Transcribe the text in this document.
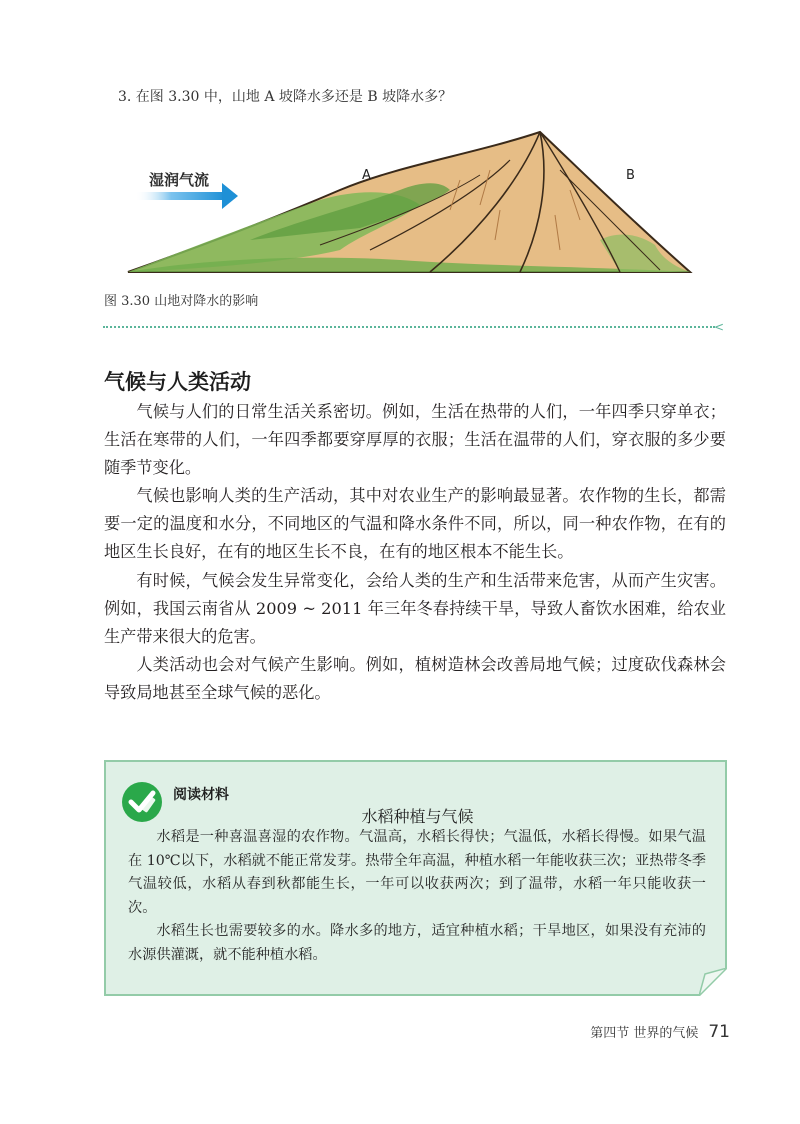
3. 在图 3.30 中，山地 A 坡降水多还是 B 坡降水多？
湿润气流	A	B
图 3.30 山地对降水的影响
<
气候与人类活动

气候与人们的日常生活关系密切。例如，生活在热带的人们，一年四季只穿单衣；生活在寒带的人们，一年四季都要穿厚厚的衣服；生活在温带的人们，穿衣服的多少要随季节变化。

气候也影响人类的生产活动，其中对农业生产的影响最显著。农作物的生长，都需要一定的温度和水分，不同地区的气温和降水条件不同，所以，同一种农作物，在有的地区生长良好，在有的地区生长不良，在有的地区根本不能生长。

有时候，气候会发生异常变化，会给人类的生产和生活带来危害，从而产生灾害。例如，我国云南省从 2009 ~ 2011 年三年冬春持续干旱，导致人畜饮水困难，给农业生产带来很大的危害。

人类活动也会对气候产生影响。例如，植树造林会改善局地气候；过度砍伐森林会导致局地甚至全球气候的恶化。

阅读材料
水稻种植与气候

水稻是一种喜温喜湿的农作物。气温高，水稻长得快；气温低，水稻长得慢。如果气温在 10℃以下，水稻就不能正常发芽。热带全年高温，种植水稻一年能收获三次；亚热带冬季气温较低，水稻从春到秋都能生长，一年可以收获两次；到了温带，水稻一年只能收获一次。

水稻生长也需要较多的水。降水多的地方，适宜种植水稻；干旱地区，如果没有充沛的水源供灌溉，就不能种植水稻。

第四节 世界的气候 71
